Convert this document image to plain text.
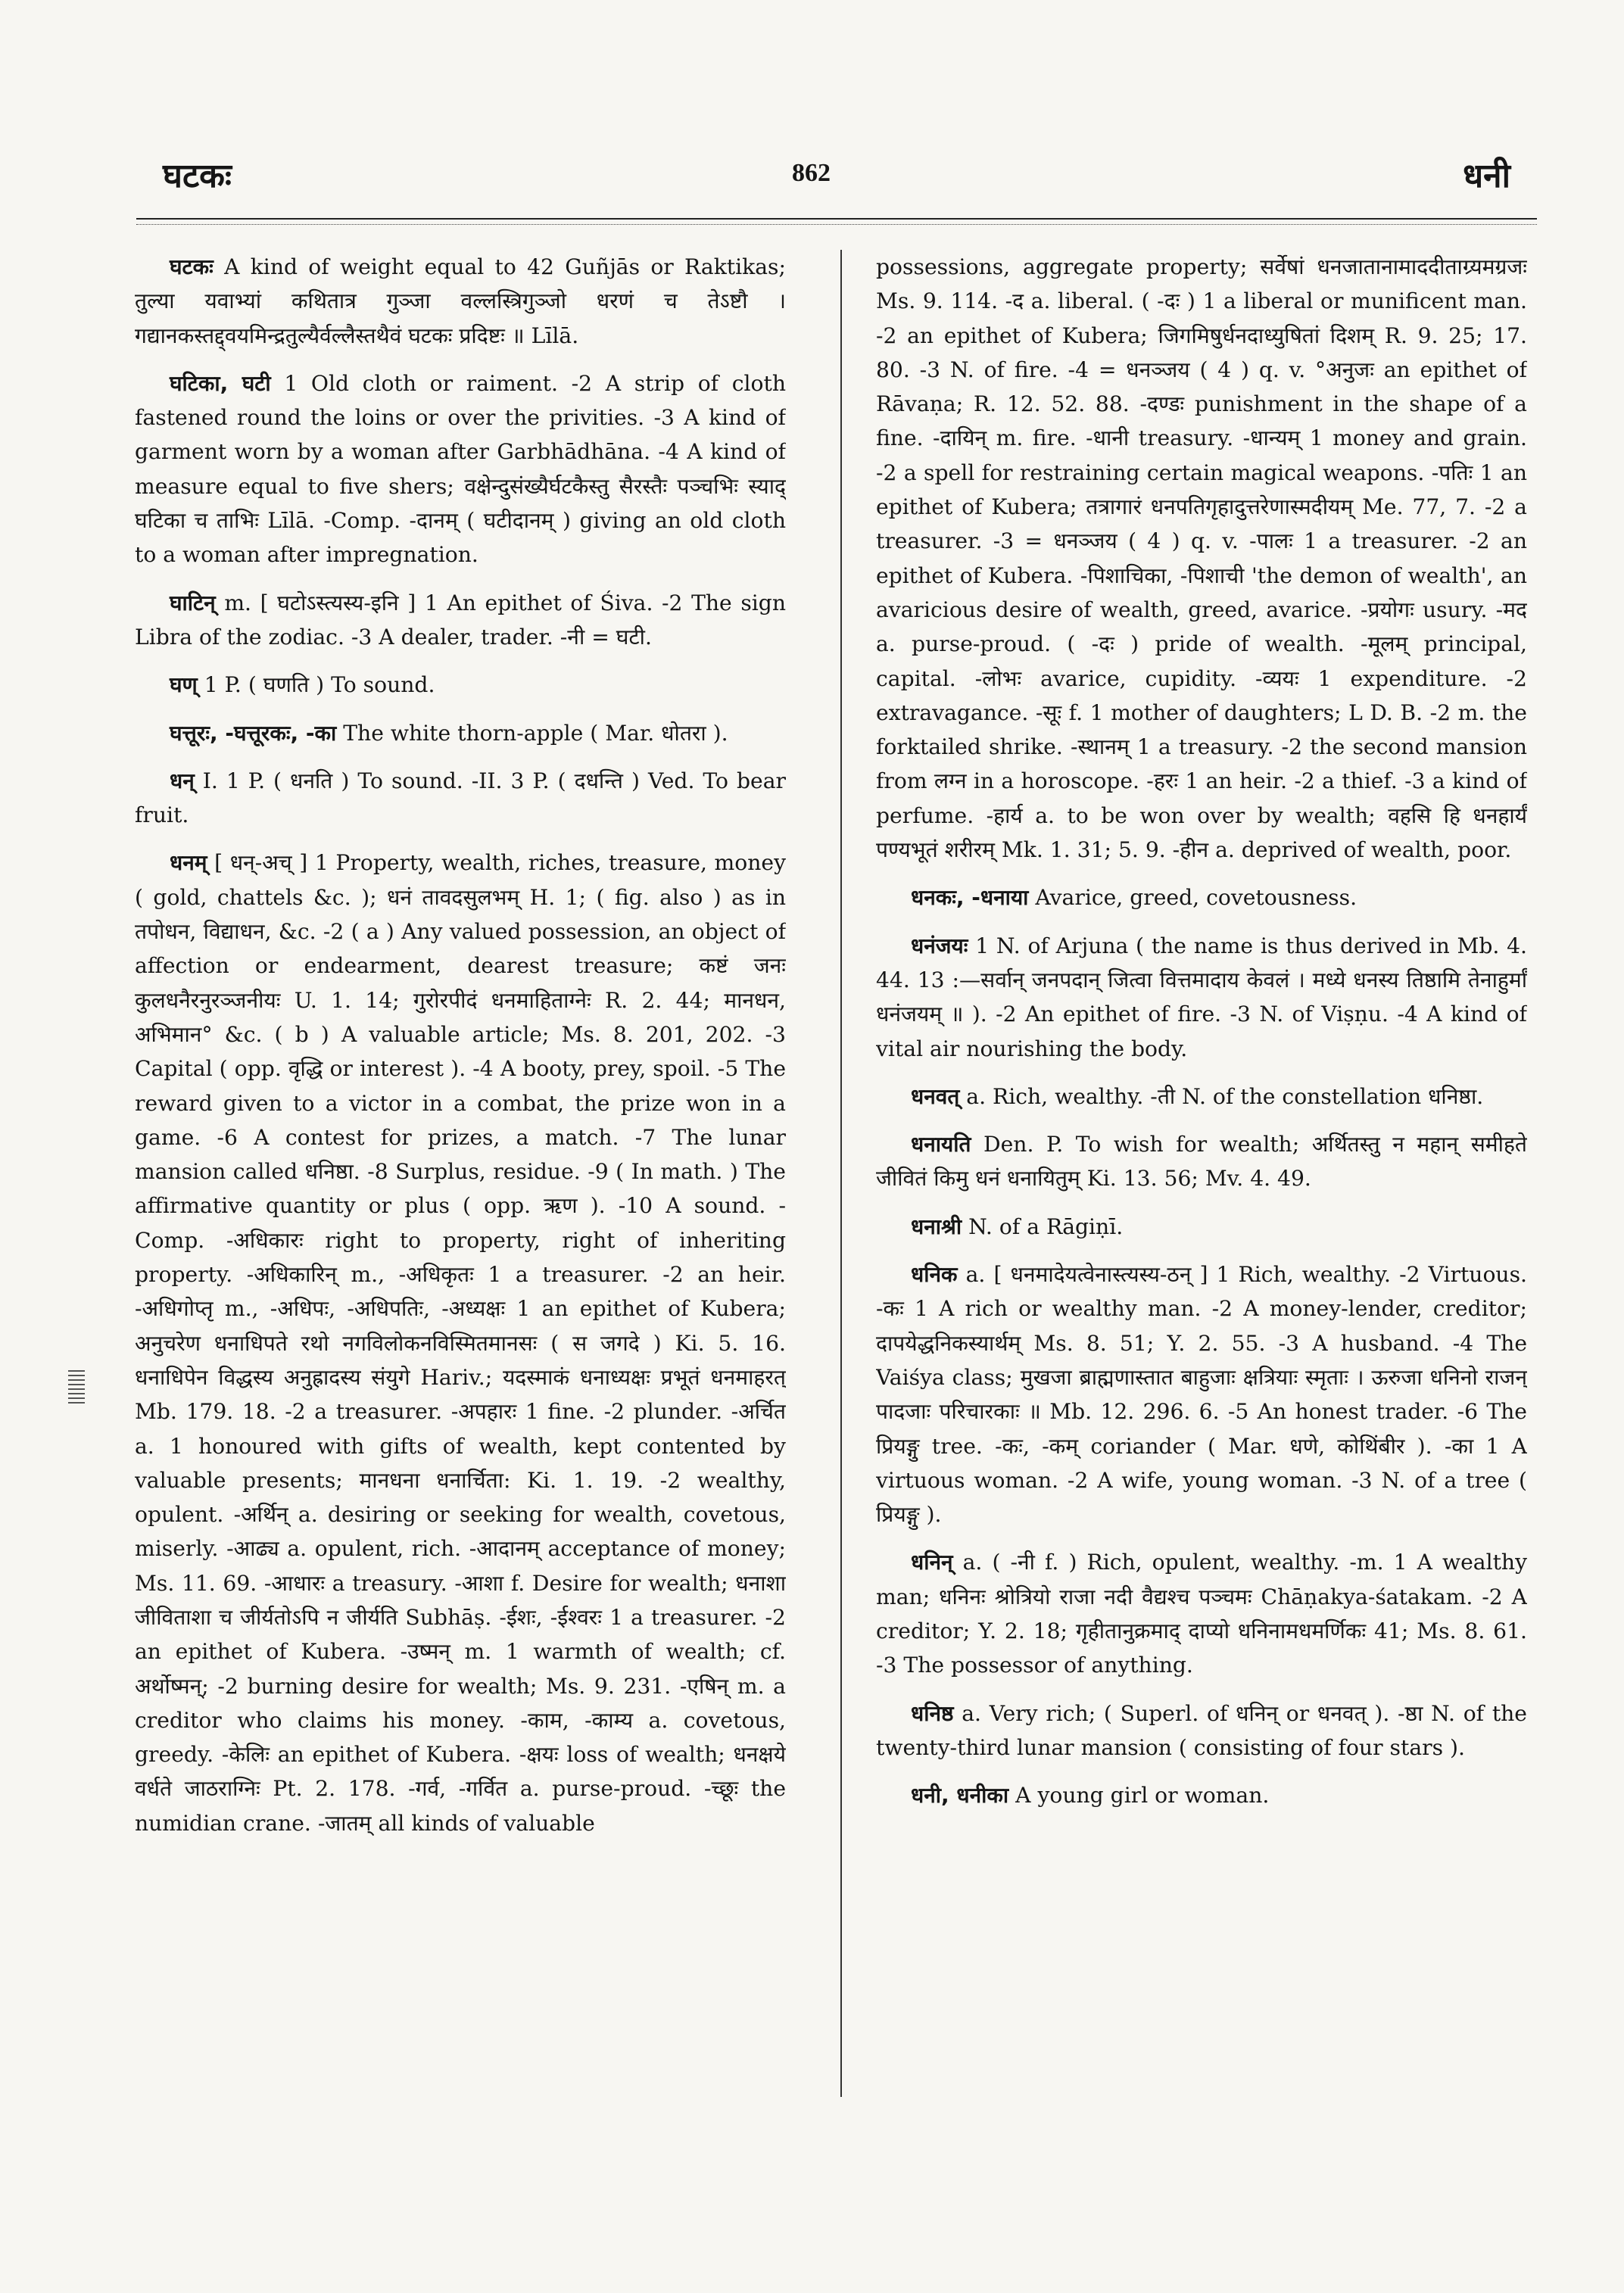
घटकः	862	धनी

घटकः A kind of weight equal to 42 Guñjās or Raktikas; तुल्या यवाभ्यां कथितात्र गुञ्जा वल्लस्त्रिगुञ्जो धरणं च तेऽष्टौ । गद्यानकस्तद्द्वयमिन्द्रतुल्यैर्वल्लैस्तथैवं घटकः प्रदिष्टः ॥ Līlā.

घटिका, घटी 1 Old cloth or raiment. -2 A strip of cloth fastened round the loins or over the privities. -3 A kind of garment worn by a woman after Garbhādhāna. -4 A kind of measure equal to five shers; वक्षेन्दुसंख्यैर्घटकैस्तु सैरस्तैः पञ्चभिः स्याद् घटिका च ताभिः Līlā. -Comp. -दानम् ( घटीदानम् ) giving an old cloth to a woman after impregnation.

घाटिन् m. [ घटोऽस्त्यस्य-इनि ] 1 An epithet of Śiva. -2 The sign Libra of the zodiac. -3 A dealer, trader. -नी = घटी.

घण् 1 P. ( घणति ) To sound.

घत्तूरः, -घत्तूरकः, -का The white thorn-apple ( Mar. धोतरा ).

धन् I. 1 P. ( धनति ) To sound. -II. 3 P. ( दधन्ति ) Ved. To bear fruit.

धनम् [ धन्-अच् ] 1 Property, wealth, riches, treasure, money ( gold, chattels &c. ); धनं तावदसुलभम् H. 1; ( fig. also ) as in तपोधन, विद्याधन, &c. -2 ( a ) Any valued possession, an object of affection or endearment, dearest treasure; कष्टं जनः कुलधनैरनुरञ्जनीयः U. 1. 14; गुरोरपीदं धनमाहिताग्नेः R. 2. 44; मानधन, अभिमान° &c. ( b ) A valuable article; Ms. 8. 201, 202. -3 Capital ( opp. वृद्धि or interest ). -4 A booty, prey, spoil. -5 The reward given to a victor in a combat, the prize won in a game. -6 A contest for prizes, a match. -7 The lunar mansion called धनिष्ठा. -8 Surplus, residue. -9 ( In math. ) The affirmative quantity or plus ( opp. ऋण ). -10 A sound. -Comp. -अधिकारः right to property, right of inheriting property. -अधिकारिन् m., -अधिकृतः 1 a treasurer. -2 an heir. -अधिगोप्तृ m., -अधिपः, -अधिपतिः, -अध्यक्षः 1 an epithet of Kubera; अनुचरेण धनाधिपते रथो नगविलोकनविस्मितमानसः ( स जगदे ) Ki. 5. 16. धनाधिपेन विद्धस्य अनुह्रादस्य संयुगे Hariv.; यदस्माकं धनाध्यक्षः प्रभूतं धनमाहरत् Mb. 179. 18. -2 a treasurer. -अपहारः 1 fine. -2 plunder. -अर्चित a. 1 honoured with gifts of wealth, kept contented by valuable presents; मानधना धनार्चिता: Ki. 1. 19. -2 wealthy, opulent. -अर्थिन् a. desiring or seeking for wealth, covetous, miserly. -आढ्य a. opulent, rich. -आदानम् acceptance of money; Ms. 11. 69. -आधारः a treasury. -आशा f. Desire for wealth; धनाशा जीविताशा च जीर्यतोऽपि न जीर्यति Subhāṣ. -ईशः, -ईश्वरः 1 a treasurer. -2 an epithet of Kubera. -उष्मन् m. 1 warmth of wealth; cf. अर्थोष्मन्; -2 burning desire for wealth; Ms. 9. 231. -एषिन् m. a creditor who claims his money. -काम, -काम्य a. covetous, greedy. -केलिः an epithet of Kubera. -क्षयः loss of wealth; धनक्षये वर्धते जाठराग्निः Pt. 2. 178. -गर्व, -गर्वित a. purse-proud. -च्छूः the numidian crane. -जातम् all kinds of valuable

possessions, aggregate property; सर्वेषां धनजातानामाददीताग्र्यमग्रजः Ms. 9. 114. -द a. liberal. ( -दः ) 1 a liberal or munificent man. -2 an epithet of Kubera; जिगमिषुर्धनदाध्युषितां दिशम् R. 9. 25; 17. 80. -3 N. of fire. -4 = धनञ्जय ( 4 ) q. v. °अनुजः an epithet of Rāvaṇa; R. 12. 52. 88. -दण्डः punishment in the shape of a fine. -दायिन् m. fire. -धानी treasury. -धान्यम् 1 money and grain. -2 a spell for restraining certain magical weapons. -पतिः 1 an epithet of Kubera; तत्रागारं धनपतिगृहादुत्तरेणास्मदीयम् Me. 77, 7. -2 a treasurer. -3 = धनञ्जय ( 4 ) q. v. -पालः 1 a treasurer. -2 an epithet of Kubera. -पिशाचिका, -पिशाची 'the demon of wealth', an avaricious desire of wealth, greed, avarice. -प्रयोगः usury. -मद a. purse-proud. ( -दः ) pride of wealth. -मूलम् principal, capital. -लोभः avarice, cupidity. -व्ययः 1 expenditure. -2 extravagance. -सूः f. 1 mother of daughters; L D. B. -2 m. the forktailed shrike. -स्थानम् 1 a treasury. -2 the second mansion from लग्न in a horoscope. -हरः 1 an heir. -2 a thief. -3 a kind of perfume. -हार्य a. to be won over by wealth; वहसि हि धनहार्यं पण्यभूतं शरीरम् Mk. 1. 31; 5. 9. -हीन a. deprived of wealth, poor.

धनकः, -धनाया Avarice, greed, covetousness.

धनंजयः 1 N. of Arjuna ( the name is thus derived in Mb. 4. 44. 13 :—सर्वान् जनपदान् जित्वा वित्तमादाय केवलं । मध्ये धनस्य तिष्ठामि तेनाहुर्मां धनंजयम् ॥ ). -2 An epithet of fire. -3 N. of Viṣṇu. -4 A kind of vital air nourishing the body.

धनवत् a. Rich, wealthy. -ती N. of the constellation धनिष्ठा.

धनायति Den. P. To wish for wealth; अर्थितस्तु न महान् समीहते जीवितं किमु धनं धनायितुम् Ki. 13. 56; Mv. 4. 49.

धनाश्री N. of a Rāgiṇī.

धनिक a. [ धनमादेयत्वेनास्त्यस्य-ठन् ] 1 Rich, wealthy. -2 Virtuous. -कः 1 A rich or wealthy man. -2 A money-lender, creditor; दापयेद्धनिकस्यार्थम् Ms. 8. 51; Y. 2. 55. -3 A husband. -4 The Vaiśya class; मुखजा ब्राह्मणास्तात बाहुजाः क्षत्रियाः स्मृताः । ऊरुजा धनिनो राजन् पादजाः परिचारकाः ॥ Mb. 12. 296. 6. -5 An honest trader. -6 The प्रियङ्गु tree. -कः, -कम् coriander ( Mar. धणे, कोथिंबीर ). -का 1 A virtuous woman. -2 A wife, young woman. -3 N. of a tree ( प्रियङ्गु ).

धनिन् a. ( -नी f. ) Rich, opulent, wealthy. -m. 1 A wealthy man; धनिनः श्रोत्रियो राजा नदी वैद्यश्च पञ्चमः Chāṇakya-śatakam. -2 A creditor; Y. 2. 18; गृहीतानुक्रमाद् दाप्यो धनिनामधमर्णिकः 41; Ms. 8. 61. -3 The possessor of anything.

धनिष्ठ a. Very rich; ( Superl. of धनिन् or धनवत् ). -ष्ठा N. of the twenty-third lunar mansion ( consisting of four stars ).

धनी, धनीका A young girl or woman.
